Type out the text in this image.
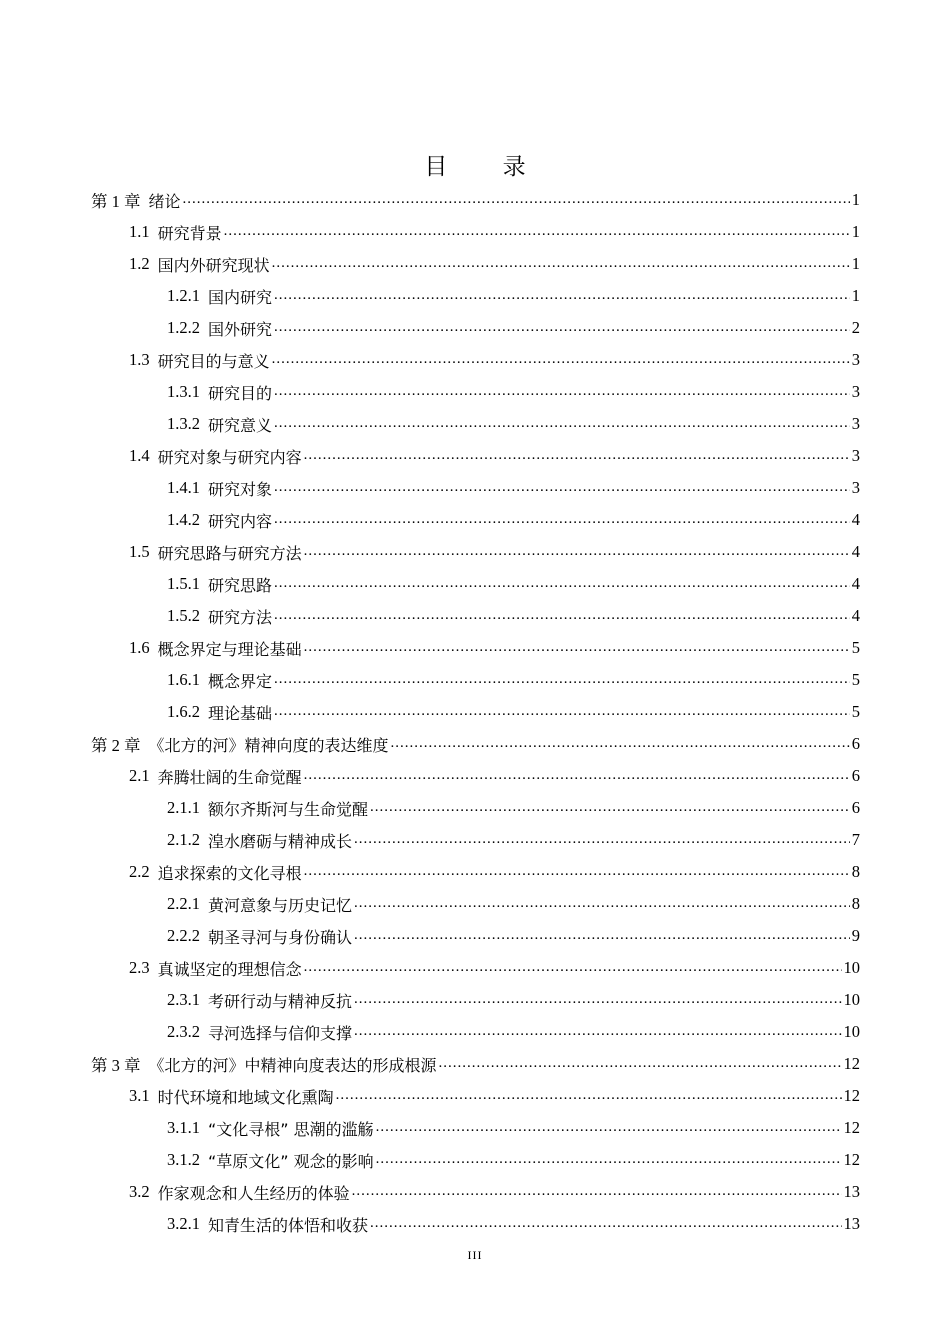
目 录
第 1 章 绪论 .....	1
1.1 研究背景 .....	1
1.2 国内外研究现状 .....	1
1.2.1 国内研究 .....	1
1.2.2 国外研究 .....	2
1.3 研究目的与意义 .....	3
1.3.1 研究目的 .....	3
1.3.2 研究意义 .....	3
1.4 研究对象与研究内容 .....	3
1.4.1 研究对象 .....	3
1.4.2 研究内容 .....	4
1.5 研究思路与研究方法 .....	4
1.5.1 研究思路 .....	4
1.5.2 研究方法 .....	4
1.6 概念界定与理论基础 .....	5
1.6.1 概念界定 .....	5
1.6.2 理论基础 .....	5
第 2 章 《北方的河》精神向度的表达维度 .....	6
2.1 奔腾壮阔的生命觉醒 .....	6
2.1.1 额尔齐斯河与生命觉醒 .....	6
2.1.2 湟水磨砺与精神成长 .....	7
2.2 追求探索的文化寻根 .....	8
2.2.1 黄河意象与历史记忆 .....	8
2.2.2 朝圣寻河与身份确认 .....	9
2.3 真诚坚定的理想信念 .....	10
2.3.1 考研行动与精神反抗 .....	10
2.3.2 寻河选择与信仰支撑 .....	10
第 3 章 《北方的河》中精神向度表达的形成根源 .....	12
3.1 时代环境和地域文化熏陶 .....	12
3.1.1 “文化寻根” 思潮的滥觞 .....	12
3.1.2 “草原文化” 观念的影响 .....	12
3.2 作家观念和人生经历的体验 .....	13
3.2.1 知青生活的体悟和收获 .....	13
III
